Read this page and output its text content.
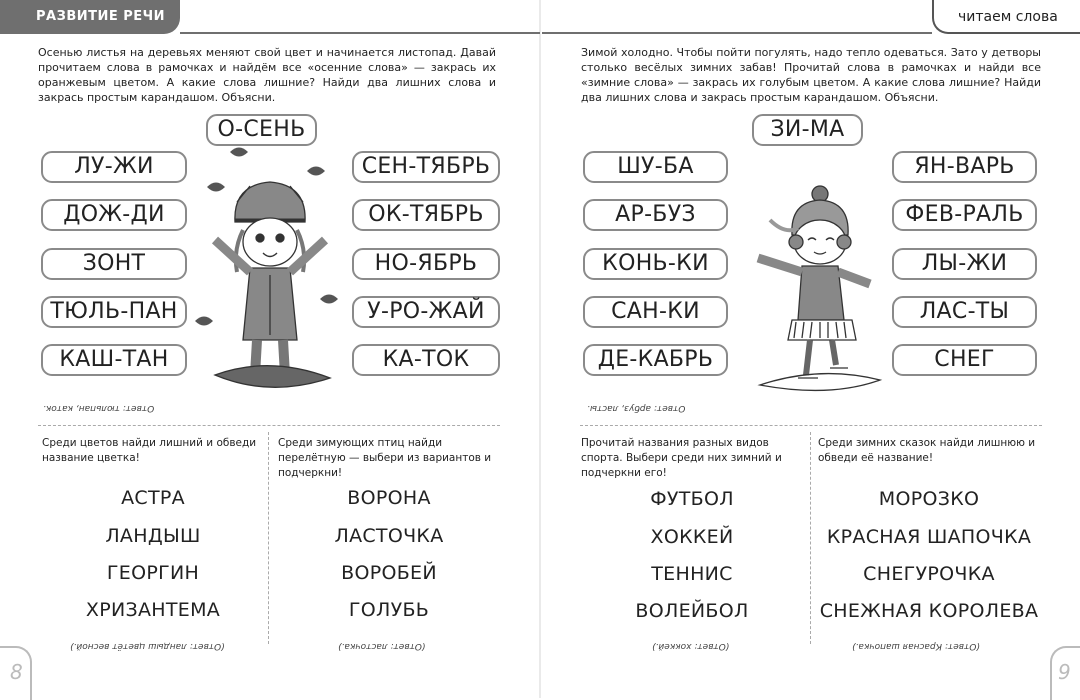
РАЗВИТИЕ РЕЧИ
Осенью листья на деревьях меняют свой цвет и начинается листопад. Давай прочитаем слова в рамочках и найдём все «осенние слова» — закрась их оранжевым цветом. А какие слова лишние? Найди два лишних слова и закрась простым карандашом. Объясни.
О-СЕНЬ
ЛУ-ЖИ
ДОЖ-ДИ
ЗОНТ
ТЮЛЬ-ПАН
КАШ-ТАН
СЕН-ТЯБРЬ
ОК-ТЯБРЬ
НО-ЯБРЬ
У-РО-ЖАЙ
КА-ТОК
Ответ: тюльпан, каток.
Среди цветов найди лишний и обведи название цветка!
Среди зимующих птиц найди перелётную — выбери из вариантов и подчеркни!
АСТРА
ЛАНДЫШ
ГЕОРГИН
ХРИЗАНТЕМА
ВОРОНА
ЛАСТОЧКА
ВОРОБЕЙ
ГОЛУБЬ
(Ответ: ландыш цветёт весной.)	(Ответ: ласточка.)
8
читаем слова
Зимой холодно. Чтобы пойти погулять, надо тепло одеваться. Зато у детворы столько весёлых зимних забав! Прочитай слова в рамочках и найди все «зимние слова» — закрась их голубым цветом. А какие слова лишние? Найди два лишних слова и закрась простым карандашом. Объясни.
ЗИ-МА
ШУ-БА
АР-БУЗ
КОНЬ-КИ
САН-КИ
ДЕ-КАБРЬ
ЯН-ВАРЬ
ФЕВ-РАЛЬ
ЛЫ-ЖИ
ЛАС-ТЫ
СНЕГ
Ответ: арбуз, ласты.
Прочитай названия разных видов спорта. Выбери среди них зимний и подчеркни его!
Среди зимних сказок найди лишнюю и обведи её название!
ФУТБОЛ
ХОККЕЙ
ТЕННИС
ВОЛЕЙБОЛ
МОРОЗКО
КРАСНАЯ ШАПОЧКА
СНЕГУРОЧКА
СНЕЖНАЯ КОРОЛЕВА
(Ответ: хоккей.)	(Ответ: Красная шапочка.)
9
